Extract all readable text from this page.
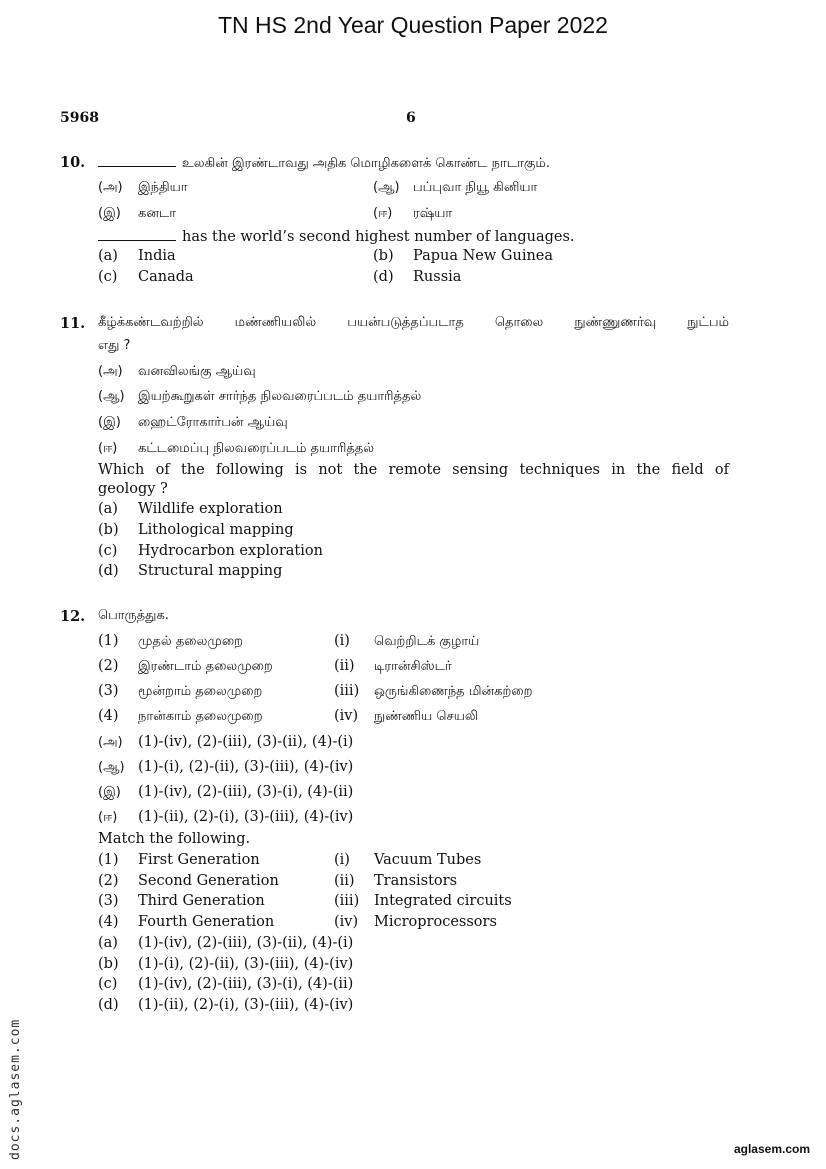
TN HS 2nd Year Question Paper 2022
5968	6
10.	உலகின் இரண்டாவது அதிக மொழிகளைக் கொண்ட நாடாகும்.
(அ) இந்தியா	(ஆ) பப்புவா நியூ கினியா
(இ) கனடா	(ஈ) ரஷ்யா
has the world’s second highest number of languages.
(a) India	(b) Papua New Guinea
(c) Canada	(d) Russia
11. கீழ்க்கண்டவற்றில் மண்ணியலில் பயன்படுத்தப்படாத தொலை நுண்ணுணர்வு நுட்பம்
எது ?
(அ) வனவிலங்கு ஆய்வு
(ஆ) இயற்கூறுகள் சார்ந்த நிலவரைப்படம் தயாரித்தல்
(இ) ஹைட்ரோகார்பன் ஆய்வு
(ஈ) கட்டமைப்பு நிலவரைப்படம் தயாரித்தல்
Which of the following is not the remote sensing techniques in the field of
geology ?
(a) Wildlife exploration
(b) Lithological mapping
(c) Hydrocarbon exploration
(d) Structural mapping
12. பொருத்துக.
(1) முதல் தலைமுறை	(i) வெற்றிடக் குழாய்
(2) இரண்டாம் தலைமுறை	(ii) டிரான்சிஸ்டர்
(3) மூன்றாம் தலைமுறை	(iii) ஒருங்கிணைந்த மின்கற்றை
(4) நான்காம் தலைமுறை	(iv) நுண்ணிய செயலி
(அ) (1)-(iv), (2)-(iii), (3)-(ii), (4)-(i)
(ஆ) (1)-(i), (2)-(ii), (3)-(iii), (4)-(iv)
(இ) (1)-(iv), (2)-(iii), (3)-(i), (4)-(ii)
(ஈ) (1)-(ii), (2)-(i), (3)-(iii), (4)-(iv)
Match the following.
(1) First Generation	(i) Vacuum Tubes
(2) Second Generation	(ii) Transistors
(3) Third Generation	(iii) Integrated circuits
(4) Fourth Generation	(iv) Microprocessors
(a) (1)-(iv), (2)-(iii), (3)-(ii), (4)-(i)
(b) (1)-(i), (2)-(ii), (3)-(iii), (4)-(iv)
(c) (1)-(iv), (2)-(iii), (3)-(i), (4)-(ii)
(d) (1)-(ii), (2)-(i), (3)-(iii), (4)-(iv)
docs.aglasem.com	aglasem.com
